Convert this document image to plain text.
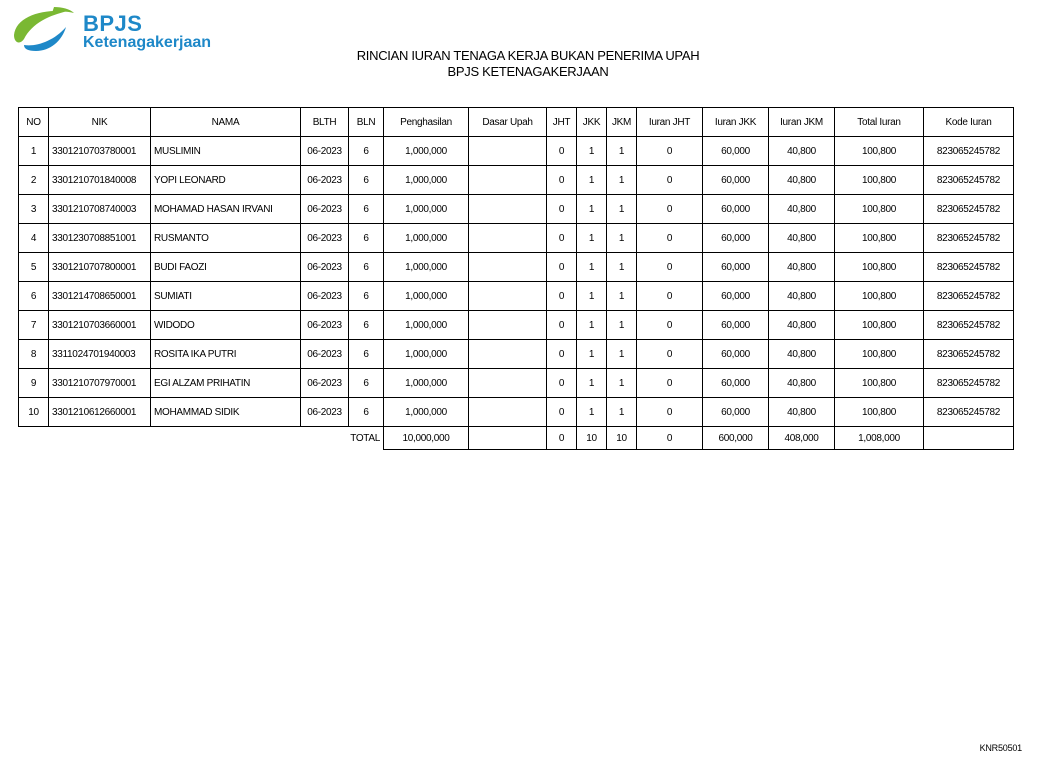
BPJS
Ketenagakerjaan
RINCIAN IURAN TENAGA KERJA BUKAN PENERIMA UPAH
BPJS KETENAGAKERJAAN
NO	NIK	NAMA	BLTH	BLN	Penghasilan	Dasar Upah	JHT	JKK	JKM	Iuran JHT	Iuran JKK	Iuran JKM	Total Iuran	Kode Iuran
1	3301210703780001	MUSLIMIN	06-2023	6	1,000,000		0	1	1	0	60,000	40,800	100,800	823065245782
2	3301210701840008	YOPI LEONARD	06-2023	6	1,000,000		0	1	1	0	60,000	40,800	100,800	823065245782
3	3301210708740003	MOHAMAD HASAN IRVANI	06-2023	6	1,000,000		0	1	1	0	60,000	40,800	100,800	823065245782
4	3301230708851001	RUSMANTO	06-2023	6	1,000,000		0	1	1	0	60,000	40,800	100,800	823065245782
5	3301210707800001	BUDI FAOZI	06-2023	6	1,000,000		0	1	1	0	60,000	40,800	100,800	823065245782
6	3301214708650001	SUMIATI	06-2023	6	1,000,000		0	1	1	0	60,000	40,800	100,800	823065245782
7	3301210703660001	WIDODO	06-2023	6	1,000,000		0	1	1	0	60,000	40,800	100,800	823065245782
8	3311024701940003	ROSITA IKA PUTRI	06-2023	6	1,000,000		0	1	1	0	60,000	40,800	100,800	823065245782
9	3301210707970001	EGI ALZAM PRIHATIN	06-2023	6	1,000,000		0	1	1	0	60,000	40,800	100,800	823065245782
10	3301210612660001	MOHAMMAD SIDIK	06-2023	6	1,000,000		0	1	1	0	60,000	40,800	100,800	823065245782
TOTAL					10,000,000		0	10	10	0	600,000	408,000	1,008,000	
KNR50501
